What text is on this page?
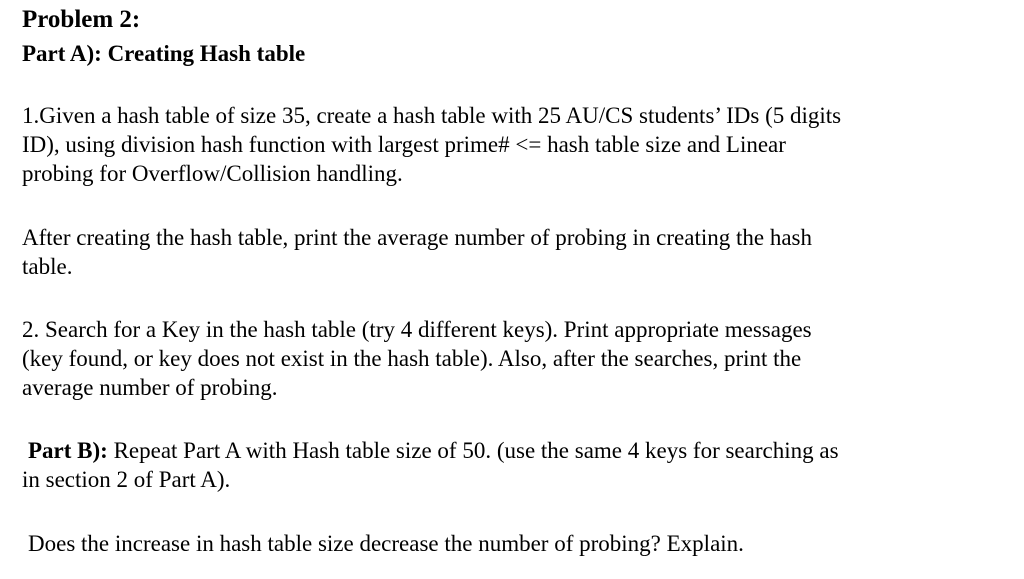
Problem 2:
Part A): Creating Hash table
1.Given a hash table of size 35, create a hash table with 25 AU/CS students’ IDs (5 digits
ID), using division hash function with largest prime# <= hash table size and Linear
probing for Overflow/Collision handling.
After creating the hash table, print the average number of probing in creating the hash
table.
2. Search for a Key in the hash table (try 4 different keys). Print appropriate messages
(key found, or key does not exist in the hash table). Also, after the searches, print the
average number of probing.
Part B): Repeat Part A with Hash table size of 50. (use the same 4 keys for searching as
in section 2 of Part A).
Does the increase in hash table size decrease the number of probing? Explain.
